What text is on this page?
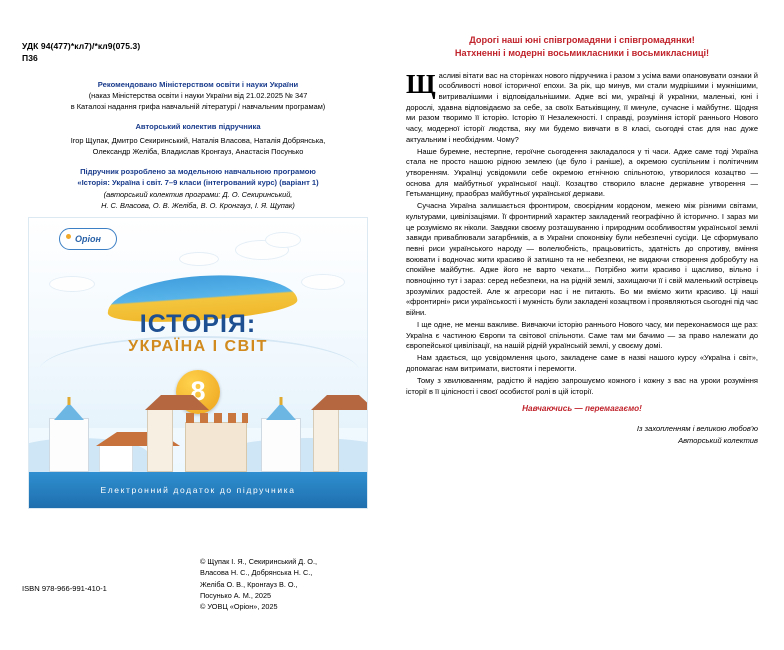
УДК 94(477)*кл7)/*кл9(075.3)
П36
Рекомендовано Міністерством освіти і науки України
(наказ Міністерства освіти і науки України від 21.02.2025 № 347
в Каталозі надання грифа навчальній літературі / навчальним програмам)
Авторський колектив підручника
Ігор Щупак, Дмитро Секиринський, Наталія Власова, Наталія Добрянська,
Олександр Желіба, Владислав Кронгауз, Анастасія Посунько
Підручник розроблено за модельною навчальною програмою
«Історія: Україна і світ. 7–9 класи (інтегрований курс) (варіант 1)
(авторський колектив програми: Д. О. Секиринський,
Н. С. Власова, О. В. Желіба, В. О. Кронгауз, І. Я. Щупак)
Оріон
ІСТОРІЯ:
УКРАЇНА І СВІТ
8
Електронний додаток до підручника
© Щупак І. Я., Секиринський Д. О.,
Власова Н. С., Добрянська Н. С.,
Желіба О. В., Кронгауз В. О.,
Посунько А. М., 2025
© УОВЦ «Оріон», 2025
ISBN 978-966-991-410-1
Дорогі наші юні співгромадяни і співгромадянки!
Натхненні і модерні восьмикласники і восьмикласниці!

Щасливі вітати вас на сторінках нового підручника і разом з усіма вами опановувати ознаки й особливості нової історичної епохи. За рік, що минув, ми стали мудрішими і мужнішими, витривалішими і відповідальнішими. Адже всі ми, українці й українки, маленькі, юні і дорослі, здавна відповідаємо за себе, за своїх Батьківщину, її минуле, сучасне і майбутнє. Щодня ми разом творимо її історію. Історію її Незалежності. І справді, розуміння історії раннього Нового часу, модерної історії людства, яку ми будемо вивчати в 8 класі, сьогодні стає для нас дуже актуальним і необхідним. Чому?

Наше буремне, нестерпне, героїчне сьогодення закладалося у ті часи. Адже саме тоді Україна стала не просто нашою рідною землею (це було і раніше), а окремою суспільним і політичним утворенням. Українці усвідомили себе окремою етнічною спільнотою, утворилося козацтво — основа для майбутньої української нації. Козацтво створило власне державне утворення — Гетьманщину, праобраз майбутньої української держави.

Сучасна Україна залишається фронтиром, своєрідним кордоном, межею між різними світами, культурами, цивілізаціями. Її фронтирний характер закладений географічно й історично. І зараз ми це розуміємо як ніколи. Завдяки своєму розташуванню і природним особливостям української землі завжди приваблювали загарбників, а в України споконвіку були небезпечні сусіди. Це сформувало певні риси українського народу — волелюбність, працьовитість, здатність до спротиву, вміння воювати і водночас жити красиво й затишно та не небезпеки, не видаючи створення добробуту на спокійне майбутнє. Адже його не варто чекати... Потрібно жити красиво і щасливо, вільно і повноцінно тут і зараз: серед небезпеки, на на рідній землі, захищаючи її і свій маленький острівець зрозумілих радостей. Але ж агресори нас і не питають. Бо ми вміємо жити красиво. Ці наші «фронтирні» риси українськості і мужність були закладені козацтвом і проявляються сьогодні під час війни.

І ще одне, не менш важливе. Вивчаючи історію раннього Нового часу, ми переконаємося ще раз: Україна є частиною Європи та світової спільноти. Саме там ми бачимо — за право належати до європейської цивілізації, на нашій рідній українській землі, у своєму домі.

Нам здається, що усвідомлення цього, закладене саме в назві нашого курсу «Україна і світ», допомагає нам витримати, вистояти і перемогти.

Тому з хвилюванням, радістю й надією запрошуємо кожного і кожну з вас на уроки розуміння історії в її цілісності і своєї особистої ролі в цій історії.

Навчаючись — перемагаємо!
Із захопленням і великою любов'ю
Авторський колектив
